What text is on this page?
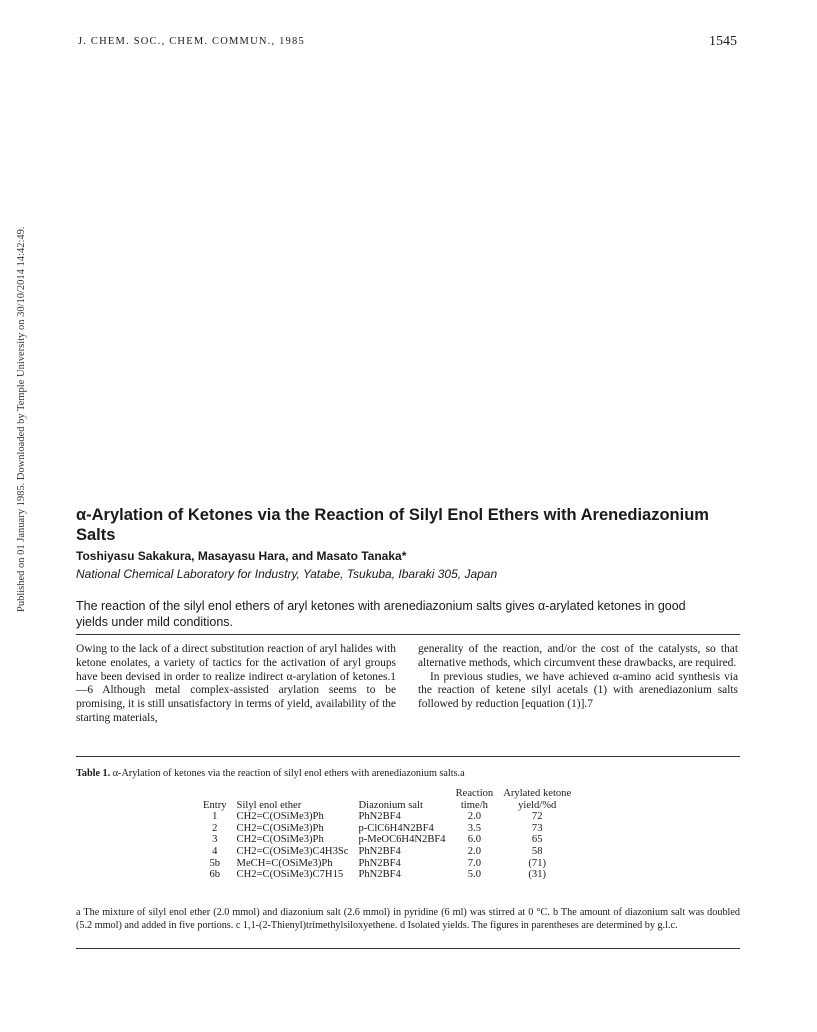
J. CHEM. SOC., CHEM. COMMUN., 1985	1545
Published on 01 January 1985. Downloaded by Temple University on 30/10/2014 14:42:49.	α-Arylation of Ketones via the Reaction of Silyl Enol Ethers with Arenediazonium Salts
Toshiyasu Sakakura, Masayasu Hara, and Masato Tanaka*
National Chemical Laboratory for Industry, Yatabe, Tsukuba, Ibaraki 305, Japan
The reaction of the silyl enol ethers of aryl ketones with arenediazonium salts gives α-arylated ketones in good yields under mild conditions.

Owing to the lack of a direct substitution reaction of aryl halides with ketone enolates, a variety of tactics for the activation of aryl groups have been devised in order to realize indirect α-arylation of ketones.1—6 Although metal complex-assisted arylation seems to be promising, it is still unsatisfactory in terms of yield, availability of the starting materials,

generality of the reaction, and/or the cost of the catalysts, so that alternative methods, which circumvent these drawbacks, are required.

In previous studies, we have achieved α-amino acid synthesis via the reaction of ketene silyl acetals (1) with arenediazonium salts followed by reduction [equation (1)].7

Table 1. α-Arylation of ketones via the reaction of silyl enol ethers with arenediazonium salts.a
			Reaction	Arylated ketone
Entry	Silyl enol ether	Diazonium salt	time/h	yield/%d
1	CH2=C(OSiMe3)Ph	PhN2BF4	2.0	72
2	CH2=C(OSiMe3)Ph	p-ClC6H4N2BF4	3.5	73
3	CH2=C(OSiMe3)Ph	p-MeOC6H4N2BF4	6.0	65
4	CH2=C(OSiMe3)C4H3Sc	PhN2BF4	2.0	58
5b	MeCH=C(OSiMe3)Ph	PhN2BF4	7.0	(71)
6b	CH2=C(OSiMe3)C7H15	PhN2BF4	5.0	(31)
a The mixture of silyl enol ether (2.0 mmol) and diazonium salt (2.6 mmol) in pyridine (6 ml) was stirred at 0 °C. b The amount of diazonium salt was doubled (5.2 mmol) and added in five portions. c 1,1-(2-Thienyl)trimethylsiloxyethene. d Isolated yields. The figures in parentheses are determined by g.l.c.
